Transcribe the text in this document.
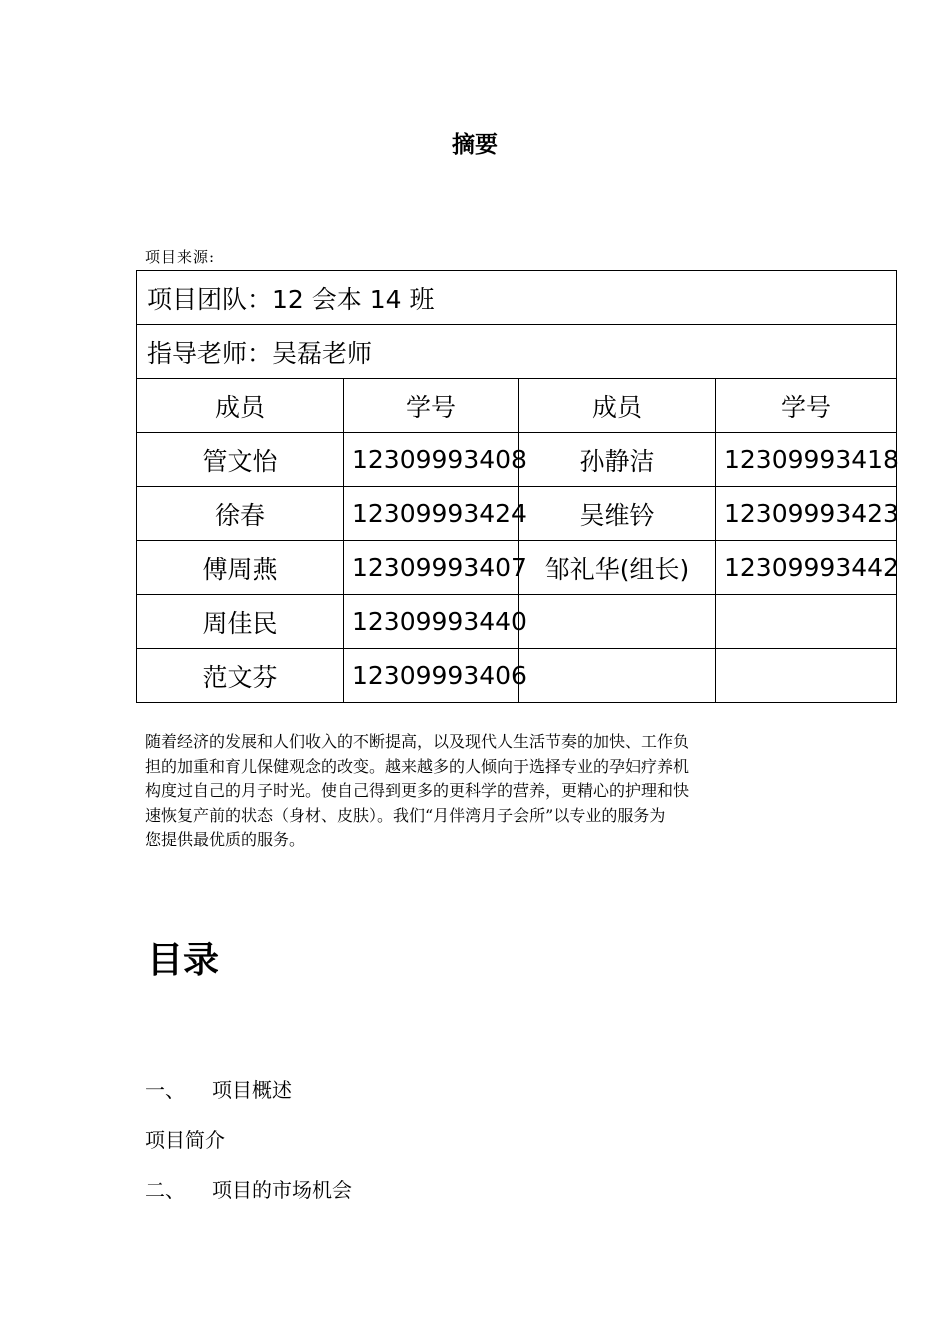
摘要
项目来源:
项目团队：12 会本 14 班			
指导老师：吴磊老师			
成员	学号	成员	学号
管文怡	12309993408	孙静洁	12309993418
徐春	12309993424	吴维钤	12309993423
傅周燕	12309993407	邹礼华(组长)	12309993442
周佳民	12309993440		
范文芬	12309993406		
随着经济的发展和人们收入的不断提高，以及现代人生活节奏的加快、工作负
担的加重和育儿保健观念的改变。越来越多的人倾向于选择专业的孕妇疗养机
构度过自己的月子时光。使自己得到更多的更科学的营养，更精心的护理和快
速恢复产前的状态（身材、皮肤）。我们“月伴湾月子会所”以专业的服务为
您提供最优质的服务。
目录
一、 项目概述
项目简介
二、 项目的市场机会
